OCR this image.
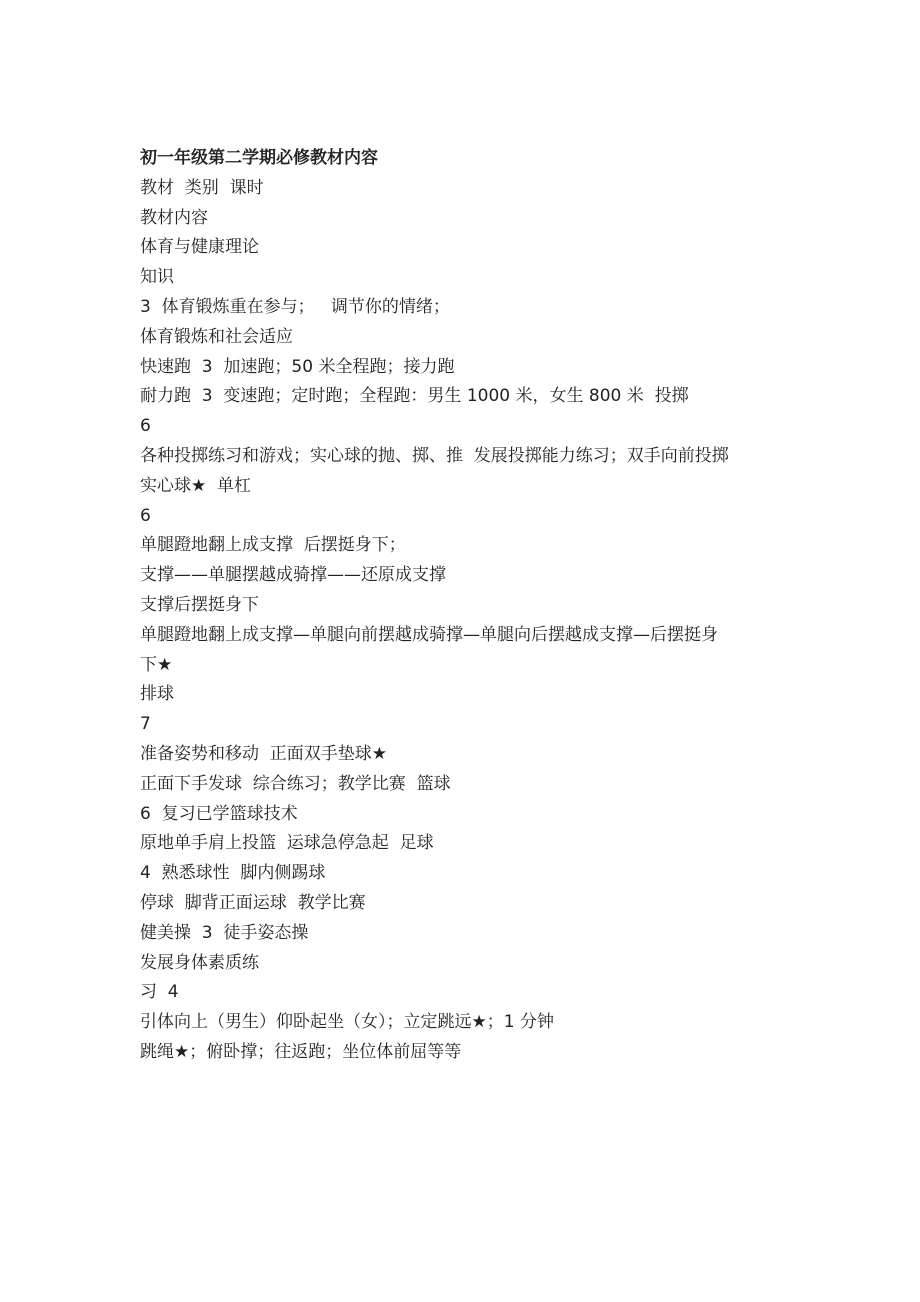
初一年级第二学期必修教材内容
教材  类别  课时
教材内容
体育与健康理论
知识
3  体育锻炼重在参与；   调节你的情绪；
体育锻炼和社会适应
快速跑  3  加速跑；50 米全程跑；接力跑
耐力跑  3  变速跑；定时跑；全程跑：男生 1000 米，女生 800 米  投掷
6
各种投掷练习和游戏；实心球的抛、掷、推  发展投掷能力练习；双手向前投掷
实心球★  单杠
6
单腿蹬地翻上成支撑  后摆挺身下；
支撑——单腿摆越成骑撑——还原成支撑
支撑后摆挺身下
单腿蹬地翻上成支撑—单腿向前摆越成骑撑—单腿向后摆越成支撑—后摆挺身
下★
排球
7
准备姿势和移动  正面双手垫球★
正面下手发球  综合练习；教学比赛  篮球
6  复习已学篮球技术
原地单手肩上投篮  运球急停急起  足球
4  熟悉球性  脚内侧踢球
停球  脚背正面运球  教学比赛
健美操  3  徒手姿态操
发展身体素质练
习  4
引体向上（男生）仰卧起坐（女）；立定跳远★；1 分钟
跳绳★；俯卧撑；往返跑；坐位体前屈等等
